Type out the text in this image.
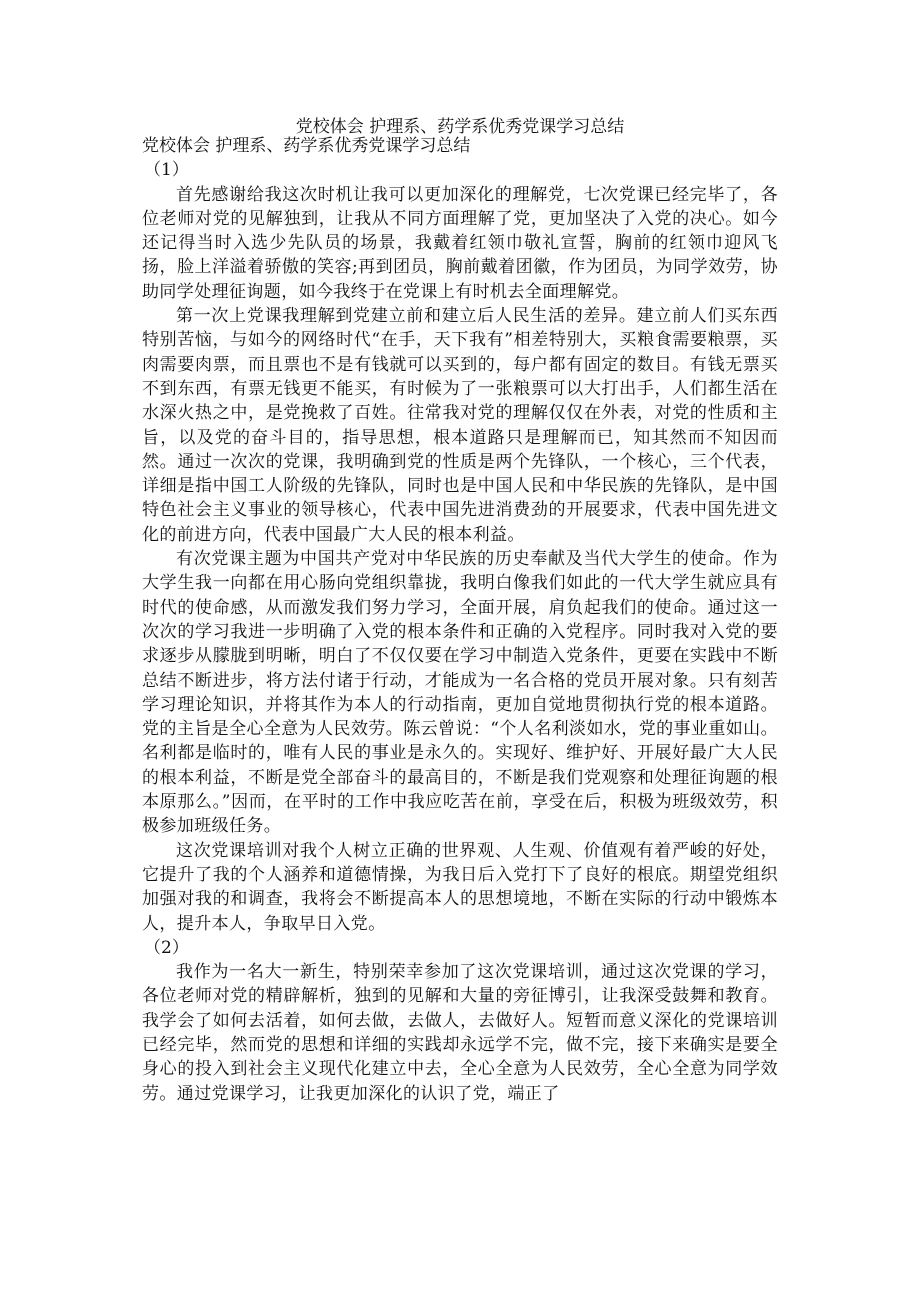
党校体会 护理系、药学系优秀党课学习总结

党校体会 护理系、药学系优秀党课学习总结

（1）

首先感谢给我这次时机让我可以更加深化的理解党，七次党课已经完毕了，各位老师对党的见解独到，让我从不同方面理解了党，更加坚决了入党的决心。如今还记得当时入选少先队员的场景，我戴着红领巾敬礼宣誓，胸前的红领巾迎风飞扬，脸上洋溢着骄傲的笑容;再到团员，胸前戴着团徽，作为团员，为同学效劳，协助同学处理征询题，如今我终于在党课上有时机去全面理解党。

第一次上党课我理解到党建立前和建立后人民生活的差异。建立前人们买东西特别苦恼，与如今的网络时代“在手，天下我有”相差特别大，买粮食需要粮票，买肉需要肉票，而且票也不是有钱就可以买到的，每户都有固定的数目。有钱无票买不到东西，有票无钱更不能买，有时候为了一张粮票可以大打出手，人们都生活在水深火热之中，是党挽救了百姓。往常我对党的理解仅仅在外表，对党的性质和主旨，以及党的奋斗目的，指导思想，根本道路只是理解而已，知其然而不知因而然。通过一次次的党课，我明确到党的性质是两个先锋队，一个核心，三个代表，详细是指中国工人阶级的先锋队，同时也是中国人民和中华民族的先锋队，是中国特色社会主义事业的领导核心，代表中国先进消费劲的开展要求，代表中国先进文化的前进方向，代表中国最广大人民的根本利益。

有次党课主题为中国共产党对中华民族的历史奉献及当代大学生的使命。作为大学生我一向都在用心肠向党组织靠拢，我明白像我们如此的一代大学生就应具有时代的使命感，从而激发我们努力学习，全面开展，肩负起我们的使命。通过这一次次的学习我进一步明确了入党的根本条件和正确的入党程序。同时我对入党的要求逐步从朦胧到明晰，明白了不仅仅要在学习中制造入党条件，更要在实践中不断总结不断进步，将方法付诸于行动，才能成为一名合格的党员开展对象。只有刻苦学习理论知识，并将其作为本人的行动指南，更加自觉地贯彻执行党的根本道路。党的主旨是全心全意为人民效劳。陈云曾说：“个人名利淡如水，党的事业重如山。名利都是临时的，唯有人民的事业是永久的。实现好、维护好、开展好最广大人民的根本利益，不断是党全部奋斗的最高目的，不断是我们党观察和处理征询题的根本原那么。”因而，在平时的工作中我应吃苦在前，享受在后，积极为班级效劳，积极参加班级任务。

这次党课培训对我个人树立正确的世界观、人生观、价值观有着严峻的好处，它提升了我的个人涵养和道德情操，为我日后入党打下了良好的根底。期望党组织加强对我的和调查，我将会不断提高本人的思想境地，不断在实际的行动中锻炼本人，提升本人，争取早日入党。

（2）

我作为一名大一新生，特别荣幸参加了这次党课培训，通过这次党课的学习，各位老师对党的精辟解析，独到的见解和大量的旁征博引，让我深受鼓舞和教育。我学会了如何去活着，如何去做，去做人，去做好人。短暂而意义深化的党课培训已经完毕，然而党的思想和详细的实践却永远学不完，做不完，接下来确实是要全身心的投入到社会主义现代化建立中去，全心全意为人民效劳，全心全意为同学效劳。通过党课学习，让我更加深化的认识了党，端正了
